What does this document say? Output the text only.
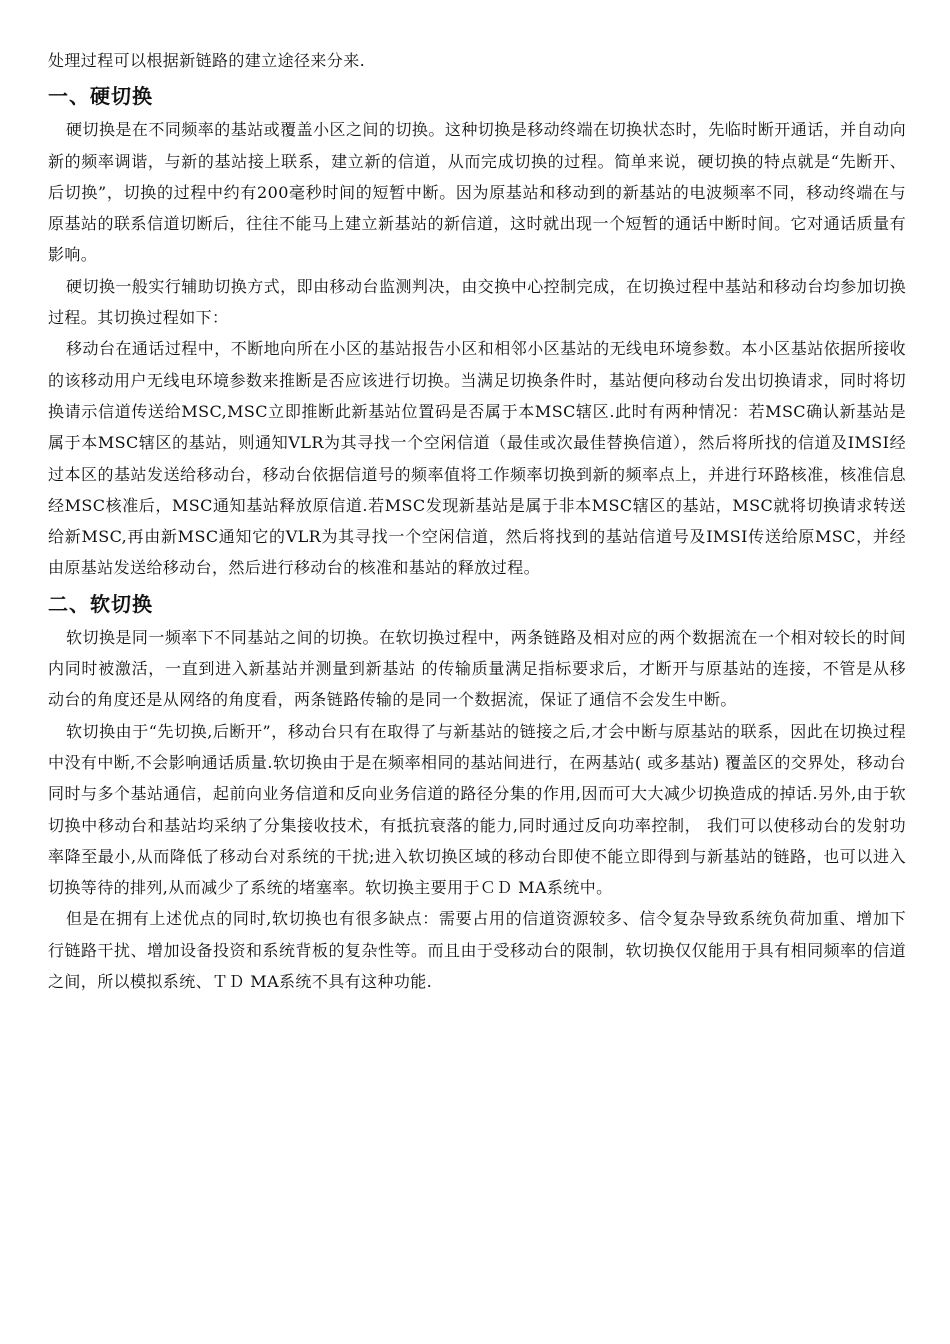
处理过程可以根据新链路的建立途径来分来.

一、硬切换

硬切换是在不同频率的基站或覆盖小区之间的切换。这种切换是移动终端在切换状态时，先临时断开通话，并自动向新的频率调谐，与新的基站接上联系，建立新的信道，从而完成切换的过程。简单来说，硬切换的特点就是“先断开、后切换”，切换的过程中约有200毫秒时间的短暂中断。因为原基站和移动到的新基站的电波频率不同，移动终端在与原基站的联系信道切断后，往往不能马上建立新基站的新信道，这时就出现一个短暂的通话中断时间。它对通话质量有影响。

硬切换一般实行辅助切换方式，即由移动台监测判决，由交换中心控制完成，在切换过程中基站和移动台均参加切换过程。其切换过程如下：

移动台在通话过程中，不断地向所在小区的基站报告小区和相邻小区基站的无线电环境参数。本小区基站依据所接收的该移动用户无线电环境参数来推断是否应该进行切换。当满足切换条件时，基站便向移动台发出切换请求，同时将切换请示信道传送给MSC,MSC立即推断此新基站位置码是否属于本MSC辖区.此时有两种情况：若MSC确认新基站是属于本MSC辖区的基站，则通知VLR为其寻找一个空闲信道（最佳或次最佳替换信道），然后将所找的信道及IMSI经过本区的基站发送给移动台，移动台依据信道号的频率值将工作频率切换到新的频率点上，并进行环路核准，核准信息经MSC核准后，MSC通知基站释放原信道.若MSC发现新基站是属于非本MSC辖区的基站，MSC就将切换请求转送给新MSC,再由新MSC通知它的VLR为其寻找一个空闲信道，然后将找到的基站信道号及IMSI传送给原MSC，并经由原基站发送给移动台，然后进行移动台的核准和基站的释放过程。

二、软切换

软切换是同一频率下不同基站之间的切换。在软切换过程中，两条链路及相对应的两个数据流在一个相对较长的时间内同时被激活，一直到进入新基站并测量到新基站 的传输质量满足指标要求后，才断开与原基站的连接，不管是从移动台的角度还是从网络的角度看，两条链路传输的是同一个数据流，保证了通信不会发生中断。

软切换由于“先切换,后断开”，移动台只有在取得了与新基站的链接之后,才会中断与原基站的联系，因此在切换过程中没有中断,不会影响通话质量.软切换由于是在频率相同的基站间进行，在两基站( 或多基站) 覆盖区的交界处，移动台同时与多个基站通信，起前向业务信道和反向业务信道的路径分集的作用,因而可大大减少切换造成的掉话.另外,由于软切换中移动台和基站均采纳了分集接收技术，有抵抗衰落的能力,同时通过反向功率控制， 我们可以使移动台的发射功率降至最小,从而降低了移动台对系统的干扰;进入软切换区域的移动台即使不能立即得到与新基站的链路，也可以进入切换等待的排列,从而减少了系统的堵塞率。软切换主要用于ＣＤ MA系统中。

但是在拥有上述优点的同时,软切换也有很多缺点：需要占用的信道资源较多、信令复杂导致系统负荷加重、增加下行链路干扰、增加设备投资和系统背板的复杂性等。而且由于受移动台的限制，软切换仅仅能用于具有相同频率的信道之间，所以模拟系统、ＴＤ MA系统不具有这种功能.
